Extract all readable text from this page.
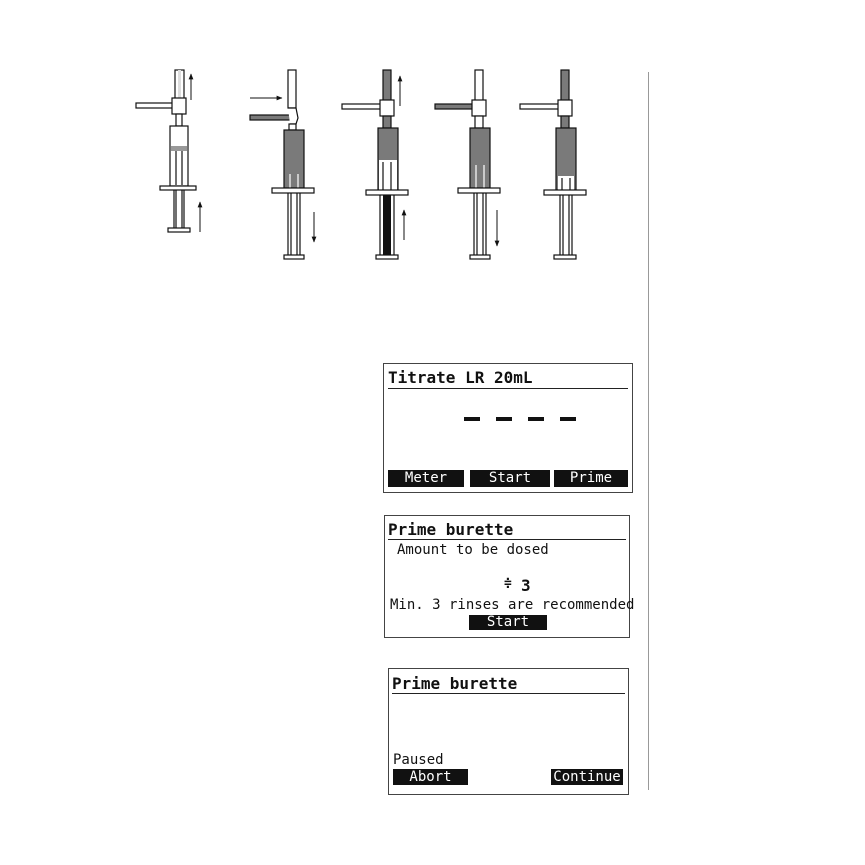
Titrate LR 20mL
Meter	Start	Prime
Prime burette
Amount to be dosed
≑ 3
Min. 3 rinses are recommended
Start
Prime burette
Paused
Abort	Continue
